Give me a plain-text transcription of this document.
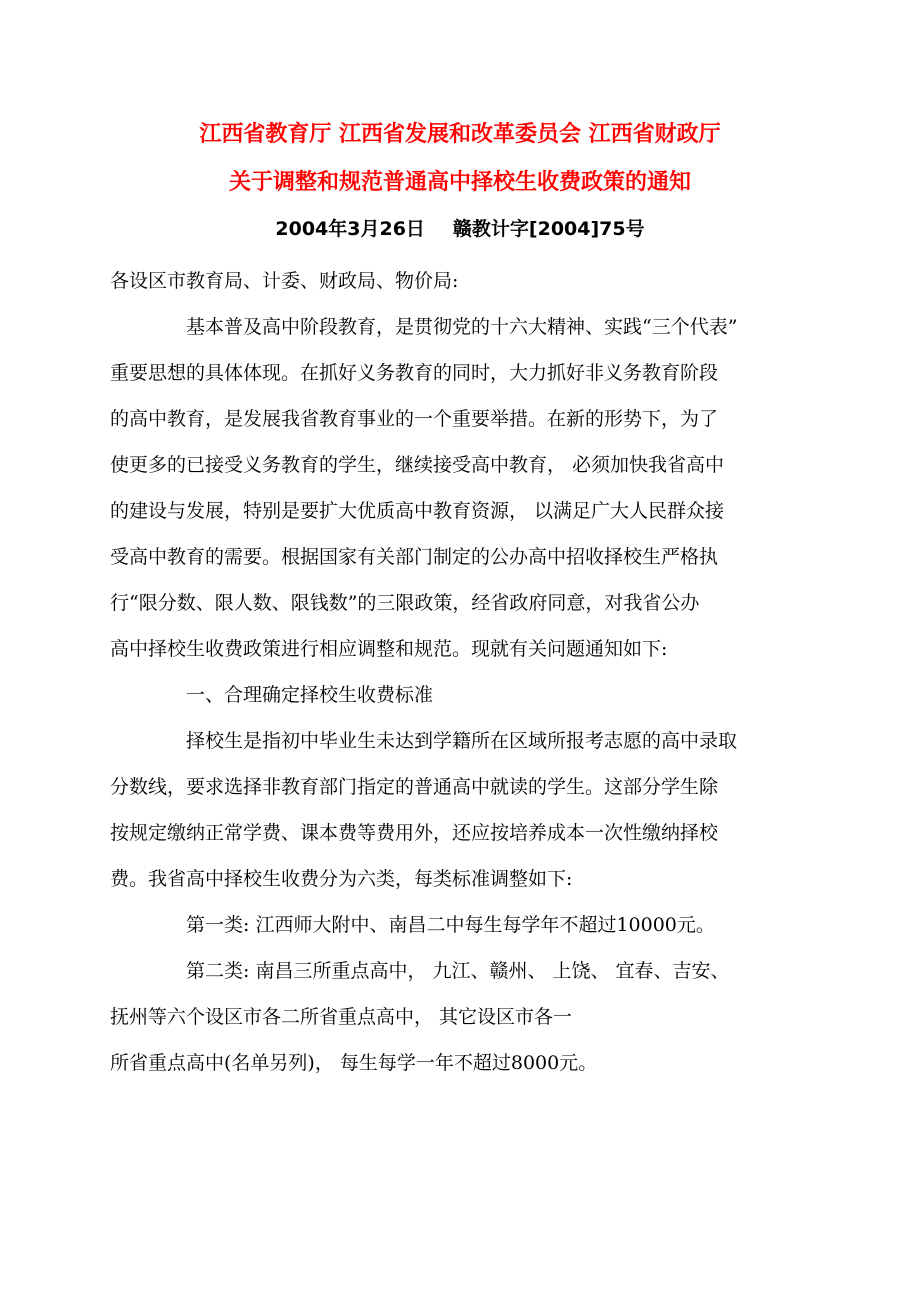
江西省教育厅 江西省发展和改革委员会 江西省财政厅
关于调整和规范普通高中择校生收费政策的通知
2004年3月26日 赣教计字[2004]75号
各设区市教育局、计委、财政局、物价局:
基本普及高中阶段教育，是贯彻党的十六大精神、实践“三个代表”
重要思想的具体体现。在抓好义务教育的同时，大力抓好非义务教育阶段
的高中教育，是发展我省教育事业的一个重要举措。在新的形势下，为了
使更多的已接受义务教育的学生，继续接受高中教育， 必须加快我省高中
的建设与发展，特别是要扩大优质高中教育资源， 以满足广大人民群众接
受高中教育的需要。根据国家有关部门制定的公办高中招收择校生严格执
行“限分数、限人数、限钱数”的三限政策，经省政府同意，对我省公办
高中择校生收费政策进行相应调整和规范。现就有关问题通知如下:
一、合理确定择校生收费标准
择校生是指初中毕业生未达到学籍所在区域所报考志愿的高中录取
分数线，要求选择非教育部门指定的普通高中就读的学生。这部分学生除
按规定缴纳正常学费、课本费等费用外，还应按培养成本一次性缴纳择校
费。我省高中择校生收费分为六类，每类标准调整如下:
第一类: 江西师大附中、南昌二中每生每学年不超过10000元。
第二类: 南昌三所重点高中， 九江、赣州、 上饶、 宜春、吉安、
抚州等六个设区市各二所省重点高中， 其它设区市各一
所省重点高中(名单另列)， 每生每学一年不超过8000元。
